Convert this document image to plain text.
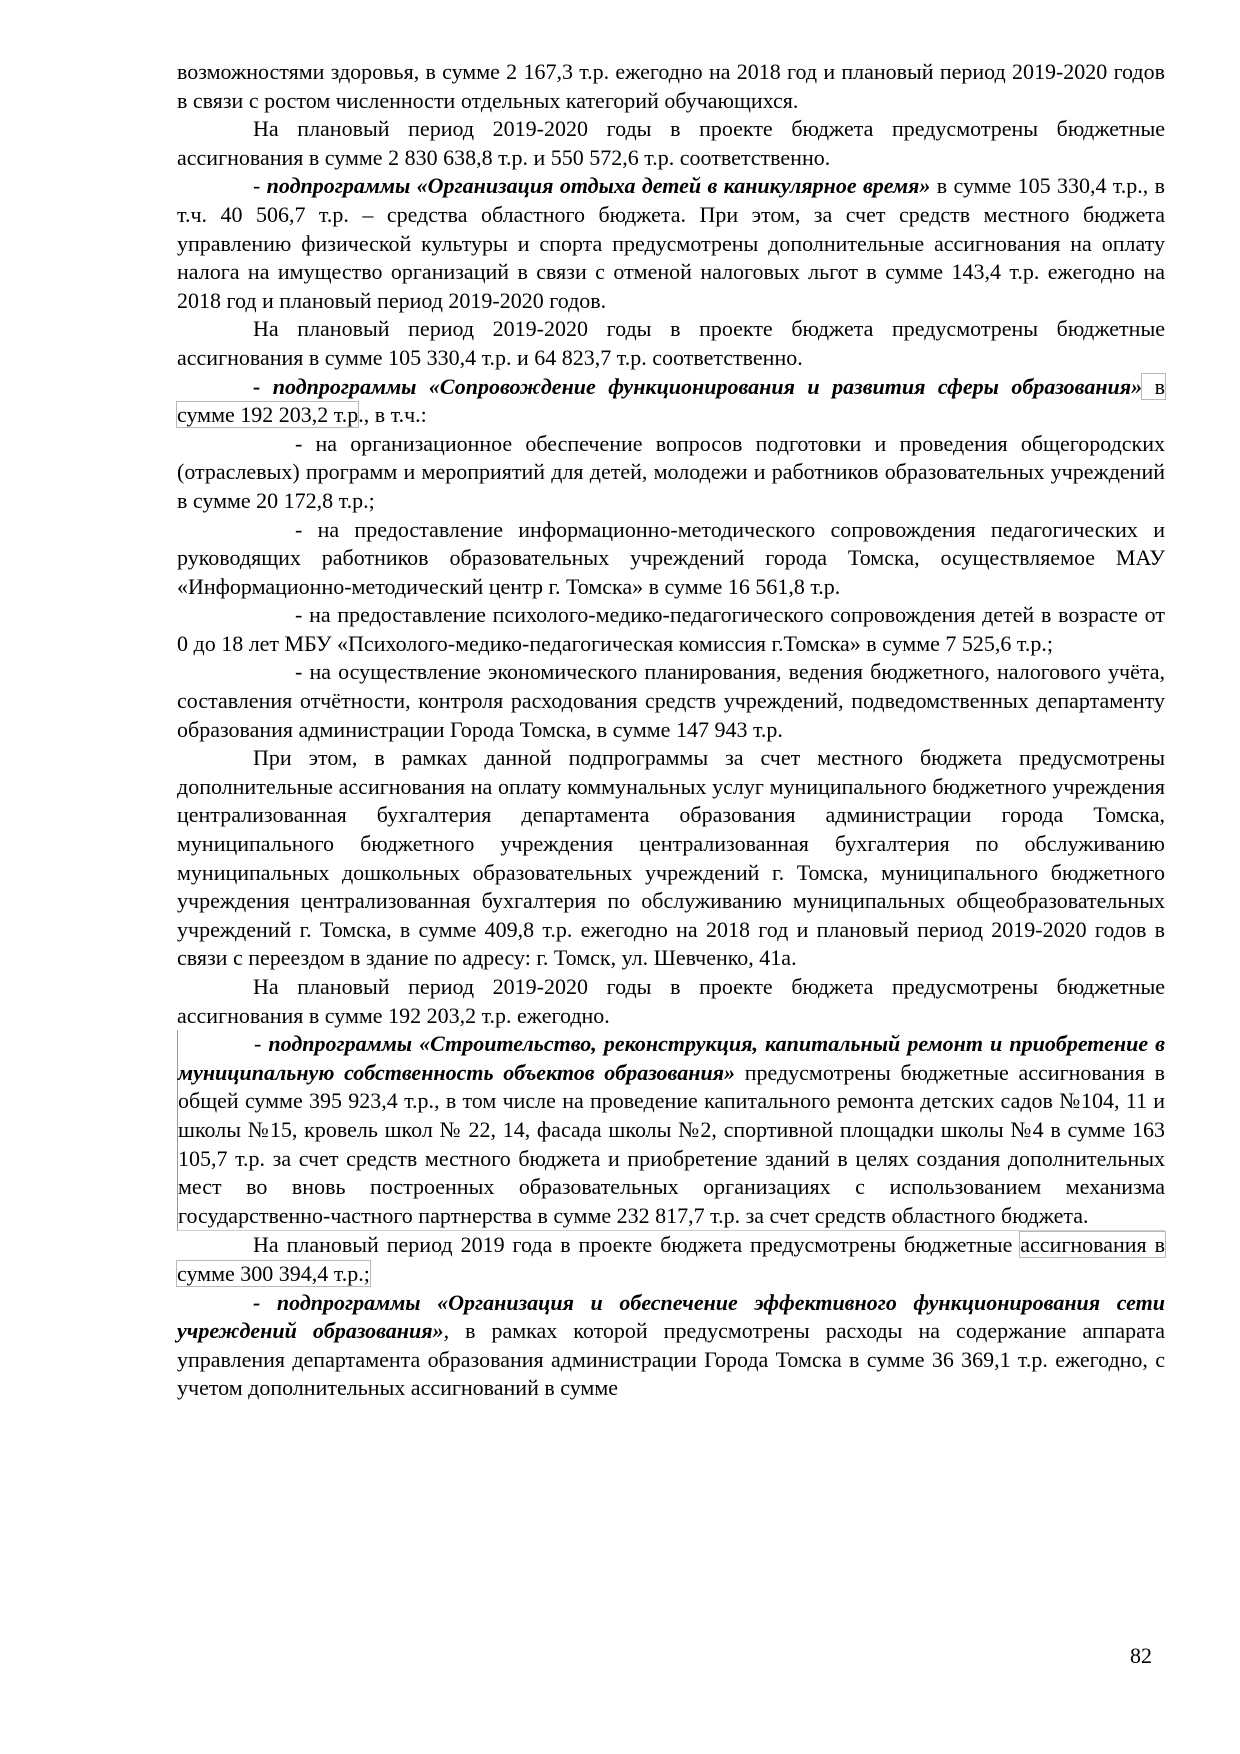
возможностями здоровья, в сумме 2 167,3 т.р. ежегодно на 2018 год и плановый период 2019-2020 годов в связи с ростом численности отдельных категорий обучающихся.

На плановый период 2019-2020 годы в проекте бюджета предусмотрены бюджетные ассигнования в сумме 2 830 638,8 т.р. и 550 572,6 т.р. соответственно.

- подпрограммы «Организация отдыха детей в каникулярное время» в сумме 105 330,4 т.р., в т.ч. 40 506,7 т.р. – средства областного бюджета. При этом, за счет средств местного бюджета управлению физической культуры и спорта предусмотрены дополнительные ассигнования на оплату налога на имущество организаций в связи с отменой налоговых льгот в сумме 143,4 т.р. ежегодно на 2018 год и плановый период 2019-2020 годов.

На плановый период 2019-2020 годы в проекте бюджета предусмотрены бюджетные ассигнования в сумме 105 330,4 т.р. и 64 823,7 т.р. соответственно.

- подпрограммы «Сопровождение функционирования и развития сферы образования» в сумме 192 203,2 т.р., в т.ч.:

- на организационное обеспечение вопросов подготовки и проведения общегородских (отраслевых) программ и мероприятий для детей, молодежи и работников образовательных учреждений в сумме 20 172,8 т.р.;

- на предоставление информационно-методического сопровождения педагогических и руководящих работников образовательных учреждений города Томска, осуществляемое МАУ «Информационно-методический центр г. Томска» в сумме 16 561,8 т.р.

- на предоставление психолого-медико-педагогического сопровождения детей в возрасте от 0 до 18 лет МБУ «Психолого-медико-педагогическая комиссия г.Томска» в сумме 7 525,6 т.р.;

- на осуществление экономического планирования, ведения бюджетного, налогового учёта, составления отчётности, контроля расходования средств учреждений, подведомственных департаменту образования администрации Города Томска, в сумме 147 943 т.р.

При этом, в рамках данной подпрограммы за счет местного бюджета предусмотрены дополнительные ассигнования на оплату коммунальных услуг муниципального бюджетного учреждения централизованная бухгалтерия департамента образования администрации города Томска, муниципального бюджетного учреждения централизованная бухгалтерия по обслуживанию муниципальных дошкольных образовательных учреждений г. Томска, муниципального бюджетного учреждения централизованная бухгалтерия по обслуживанию муниципальных общеобразовательных учреждений г. Томска, в сумме 409,8 т.р. ежегодно на 2018 год и плановый период 2019-2020 годов в связи с переездом в здание по адресу: г. Томск, ул. Шевченко, 41а.

На плановый период 2019-2020 годы в проекте бюджета предусмотрены бюджетные ассигнования в сумме 192 203,2 т.р. ежегодно.

- подпрограммы «Строительство, реконструкция, капитальный ремонт и приобретение в муниципальную собственность объектов образования» предусмотрены бюджетные ассигнования в общей сумме 395 923,4 т.р., в том числе на проведение капитального ремонта детских садов №104, 11 и школы №15, кровель школ № 22, 14, фасада школы №2, спортивной площадки школы №4 в сумме 163 105,7 т.р. за счет средств местного бюджета и приобретение зданий в целях создания дополнительных мест во вновь построенных образовательных организациях с использованием механизма государственно-частного партнерства в сумме 232 817,7 т.р. за счет средств областного бюджета.

На плановый период 2019 года в проекте бюджета предусмотрены бюджетные ассигнования в сумме 300 394,4 т.р.;

- подпрограммы «Организация и обеспечение эффективного функционирования сети учреждений образования», в рамках которой предусмотрены расходы на содержание аппарата управления департамента образования администрации Города Томска в сумме 36 369,1 т.р. ежегодно, с учетом дополнительных ассигнований в сумме

82
